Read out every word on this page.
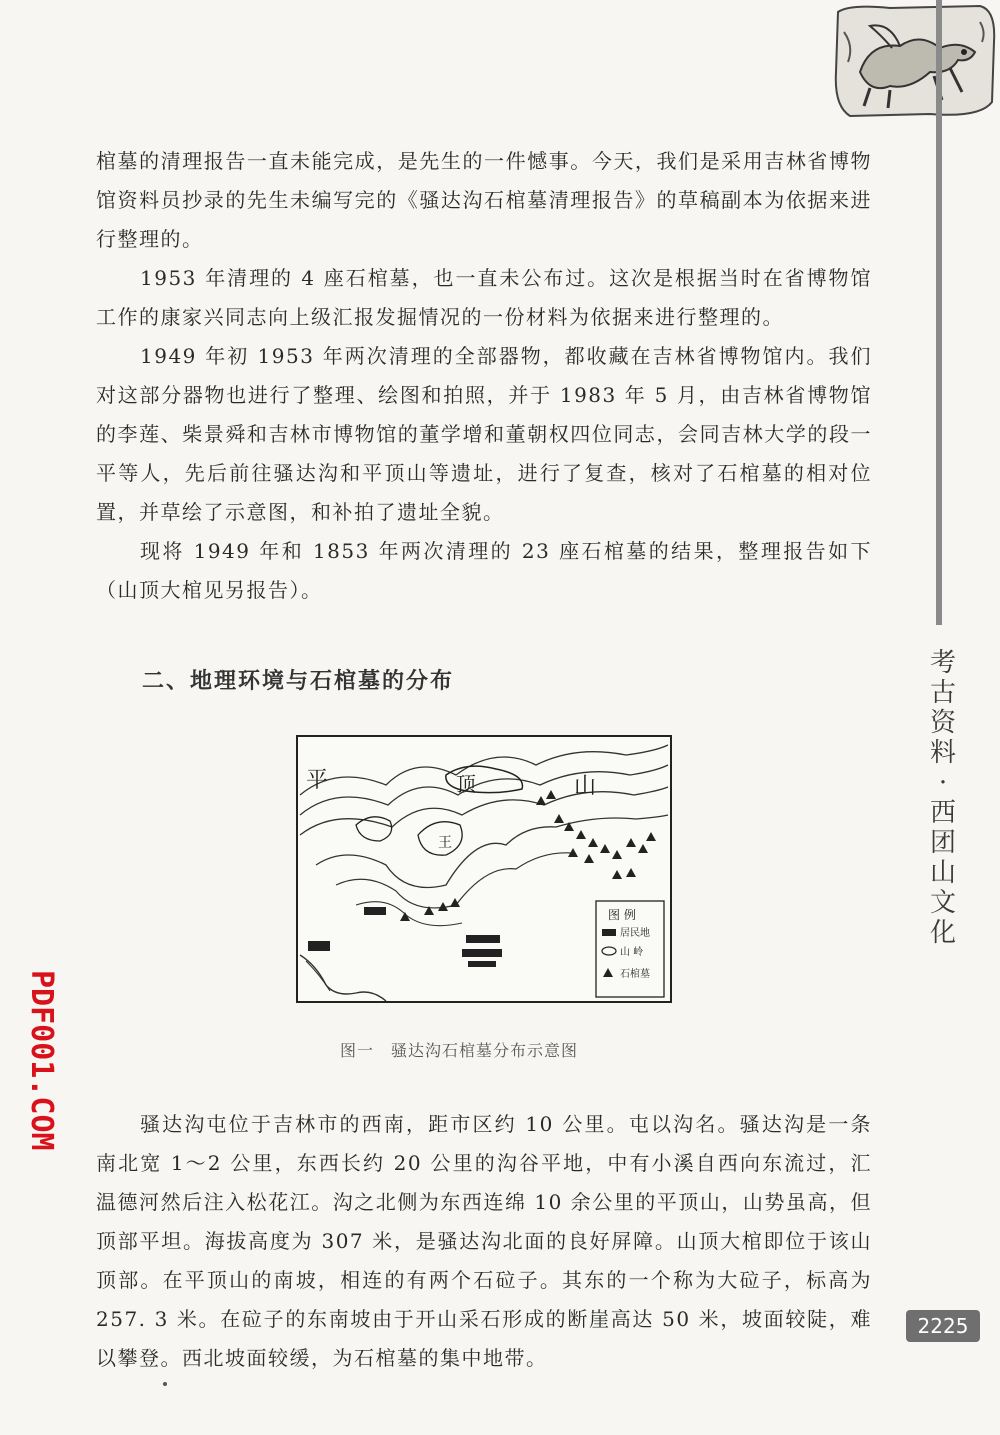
棺墓的清理报告一直未能完成，是先生的一件憾事。今天，我们是采用吉林省博物馆资料员抄录的先生未编写完的《骚达沟石棺墓清理报告》的草稿副本为依据来进行整理的。

1953 年清理的 4 座石棺墓，也一直未公布过。这次是根据当时在省博物馆工作的康家兴同志向上级汇报发掘情况的一份材料为依据来进行整理的。

1949 年初 1953 年两次清理的全部器物，都收藏在吉林省博物馆内。我们对这部分器物也进行了整理、绘图和拍照，并于 1983 年 5 月，由吉林省博物馆的李莲、柴景舜和吉林市博物馆的董学增和董朝权四位同志，会同吉林大学的段一平等人，先后前往骚达沟和平顶山等遗址，进行了复查，核对了石棺墓的相对位置，并草绘了示意图，和补拍了遗址全貌。

现将 1949 年和 1853 年两次清理的 23 座石棺墓的结果，整理报告如下（山顶大棺见另报告）。

二、地理环境与石棺墓的分布
平	顶	山
王
图 例
居民地
山 岭
石棺墓

图一　骚达沟石棺墓分布示意图

骚达沟屯位于吉林市的西南，距市区约 10 公里。屯以沟名。骚达沟是一条南北宽 1～2 公里，东西长约 20 公里的沟谷平地，中有小溪自西向东流过，汇温德河然后注入松花江。沟之北侧为东西连绵 10 余公里的平顶山，山势虽高，但顶部平坦。海拔高度为 307 米，是骚达沟北面的良好屏障。山顶大棺即位于该山顶部。在平顶山的南坡，相连的有两个石砬子。其东的一个称为大砬子，标高为 257. 3 米。在砬子的东南坡由于开山采石形成的断崖高达 50 米，坡面较陡，难以攀登。西北坡面较缓，为石棺墓的集中地带。

考古资料·西团山文化
PDF001.COM
2225
